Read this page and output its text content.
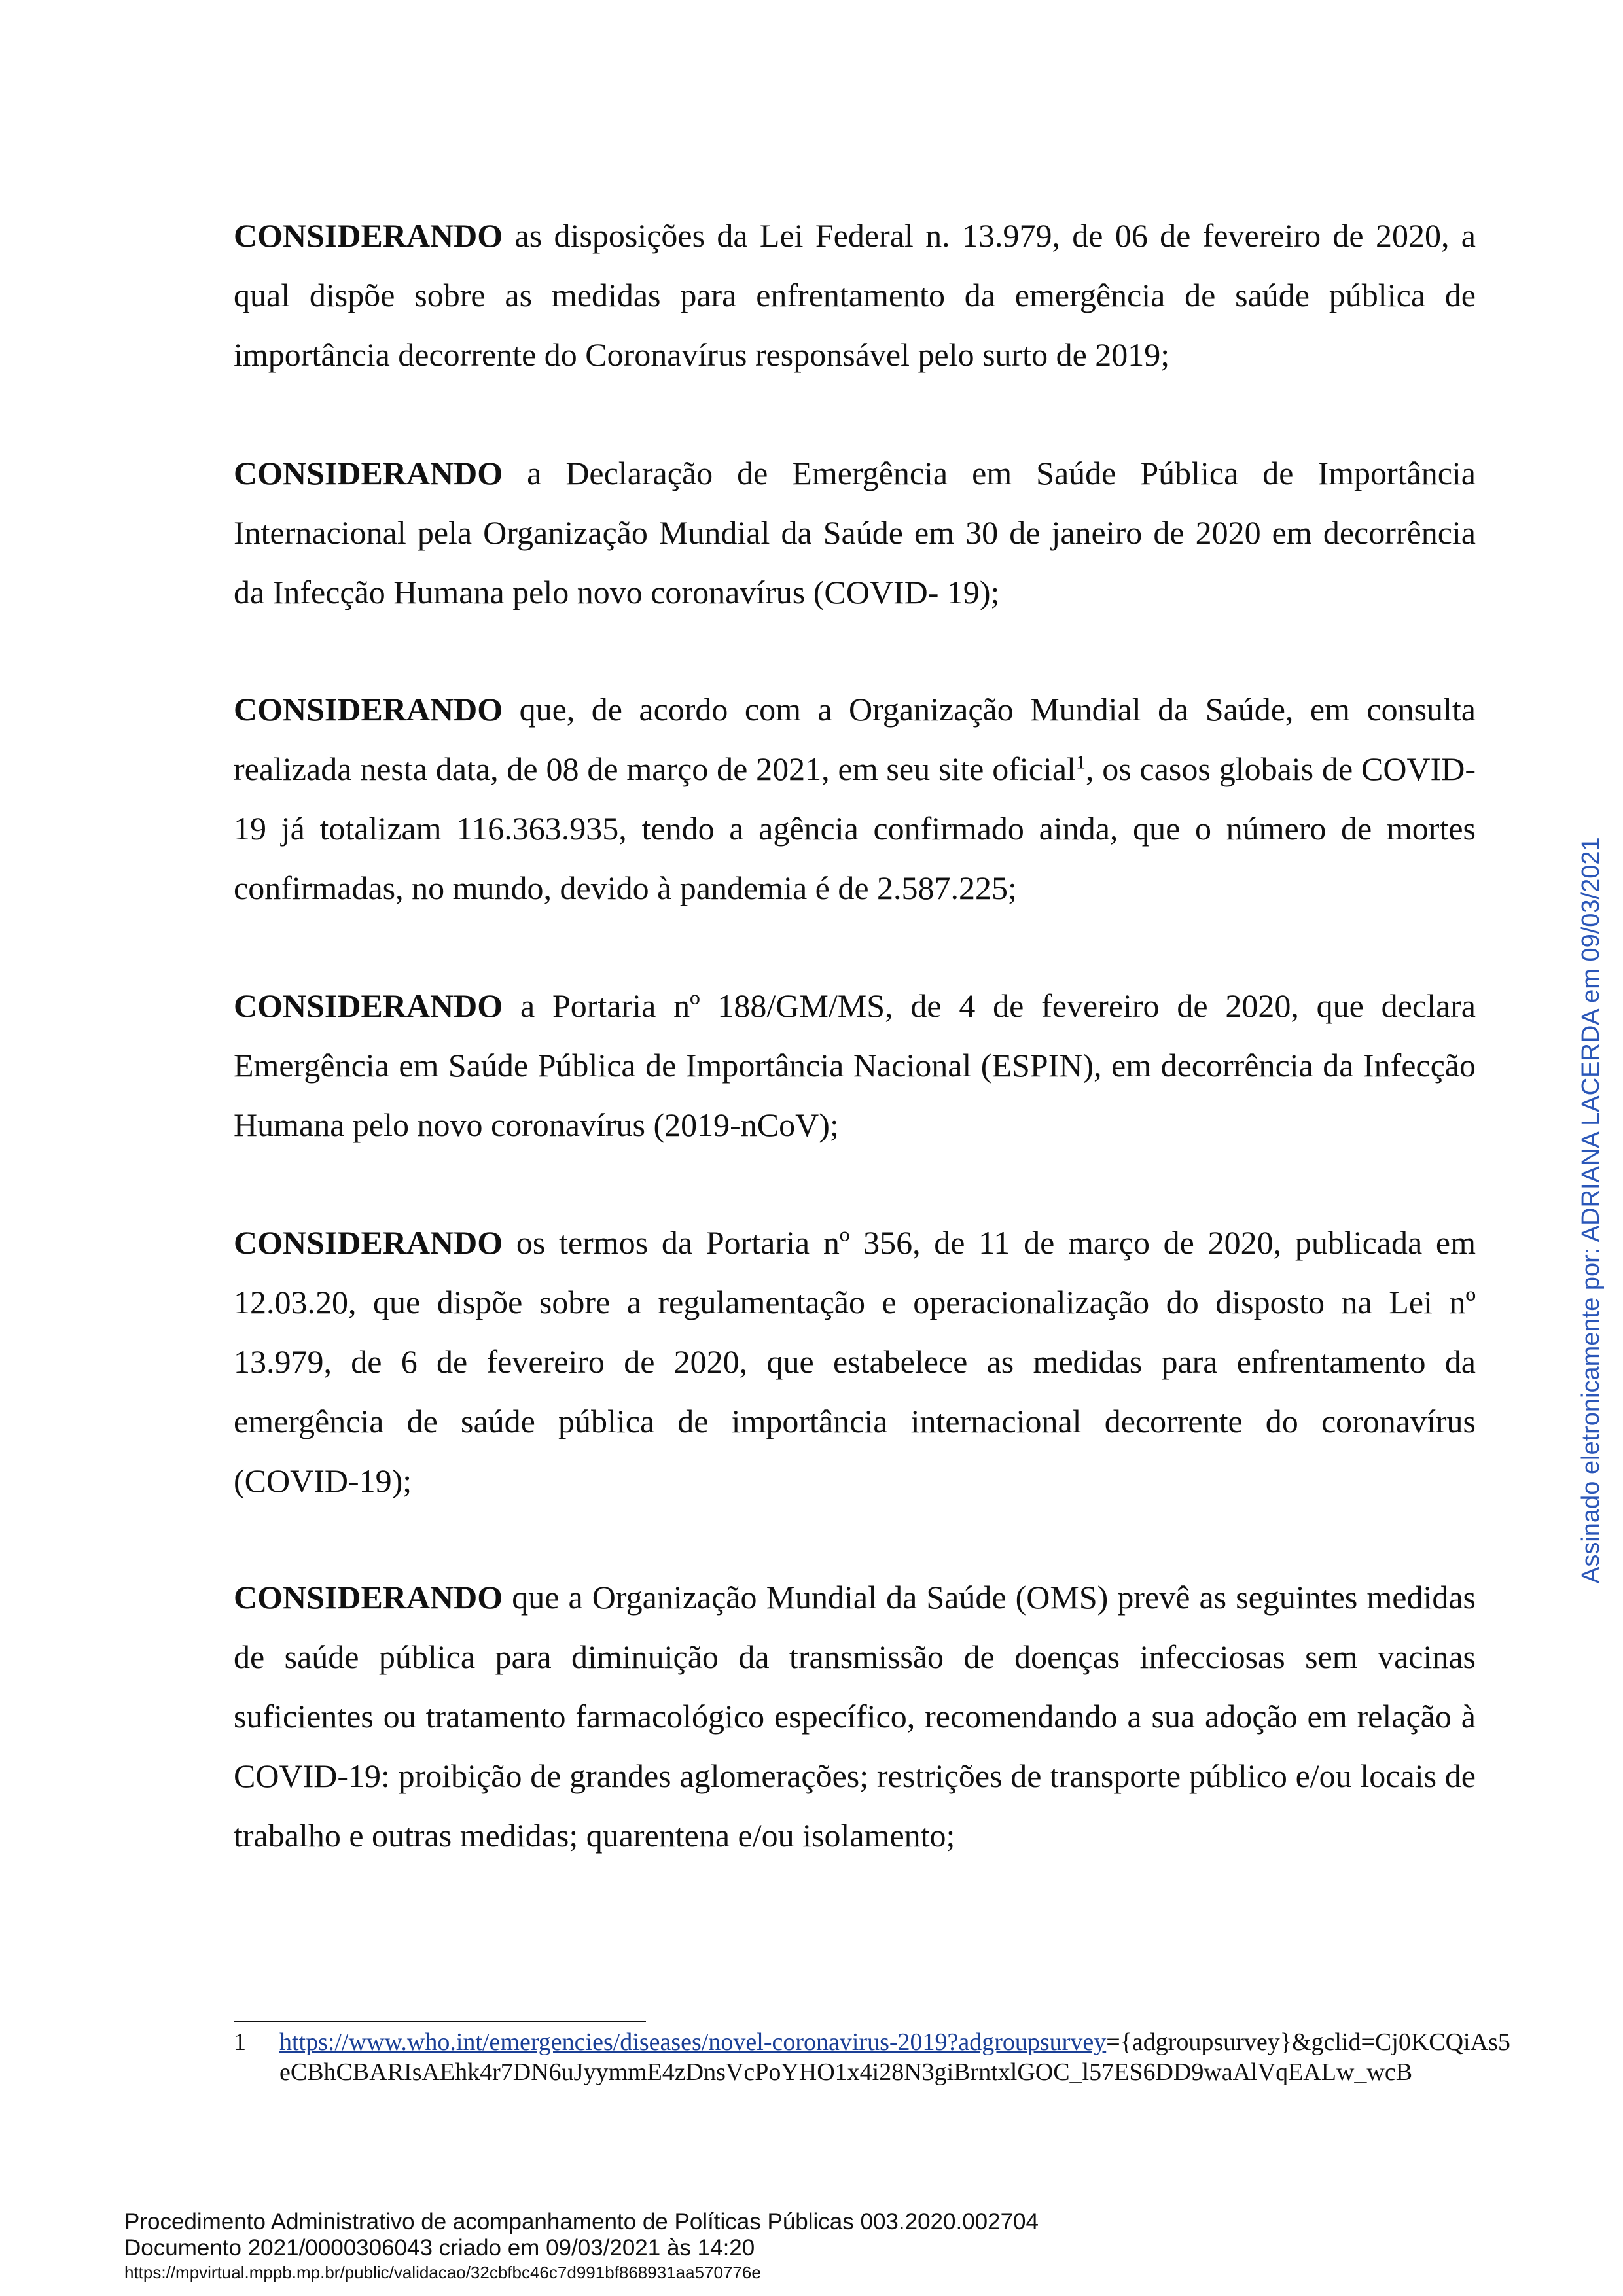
CONSIDERANDO as disposições da Lei Federal n. 13.979, de 06 de fevereiro de 2020, a qual dispõe sobre as medidas para enfrentamento da emergência de saúde pública de importância decorrente do Coronavírus responsável pelo surto de 2019;

CONSIDERANDO a Declaração de Emergência em Saúde Pública de Importância Internacional pela Organização Mundial da Saúde em 30 de janeiro de 2020 em decorrência da Infecção Humana pelo novo coronavírus (COVID- 19);

CONSIDERANDO que, de acordo com a Organização Mundial da Saúde, em consulta realizada nesta data, de 08 de março de 2021, em seu site oficial$^1$, os casos globais de COVID-19 já totalizam 116.363.935, tendo a agência confirmado ainda, que o número de mortes confirmadas, no mundo, devido à pandemia é de 2.587.225;

CONSIDERANDO a Portaria nº 188/GM/MS, de 4 de fevereiro de 2020, que declara Emergência em Saúde Pública de Importância Nacional (ESPIN), em decorrência da Infecção Humana pelo novo coronavírus (2019-nCoV);

CONSIDERANDO os termos da Portaria nº 356, de 11 de março de 2020, publicada em 12.03.20, que dispõe sobre a regulamentação e operacionalização do disposto na Lei nº 13.979, de 6 de fevereiro de 2020, que estabelece as medidas para enfrentamento da emergência de saúde pública de importância internacional decorrente do coronavírus (COVID-19);

CONSIDERANDO que a Organização Mundial da Saúde (OMS) prevê as seguintes medidas de saúde pública para diminuição da transmissão de doenças infecciosas sem vacinas suficientes ou tratamento farmacológico específico, recomendando a sua adoção em relação à COVID-19: proibição de grandes aglomerações; restrições de transporte público e/ou locais de trabalho e outras medidas; quarentena e/ou isolamento;

1 https://www.who.int/emergencies/diseases/novel-coronavirus-2019?adgroupsurvey={adgroupsurvey}&gclid=Cj0KCQiAs5eCBhCBARIsAEhk4r7DN6uJyymmE4zDnsVcPoYHO1x4i28N3giBrntxlGOC_l57ES6DD9waAlVqEALw_wcB
Assinado eletronicamente por: ADRIANA LACERDA em 09/03/2021
Procedimento Administrativo de acompanhamento de Políticas Públicas 003.2020.002704
Documento 2021/0000306043 criado em 09/03/2021 às 14:20
https://mpvirtual.mppb.mp.br/public/validacao/32cbfbc46c7d991bf868931aa570776e
